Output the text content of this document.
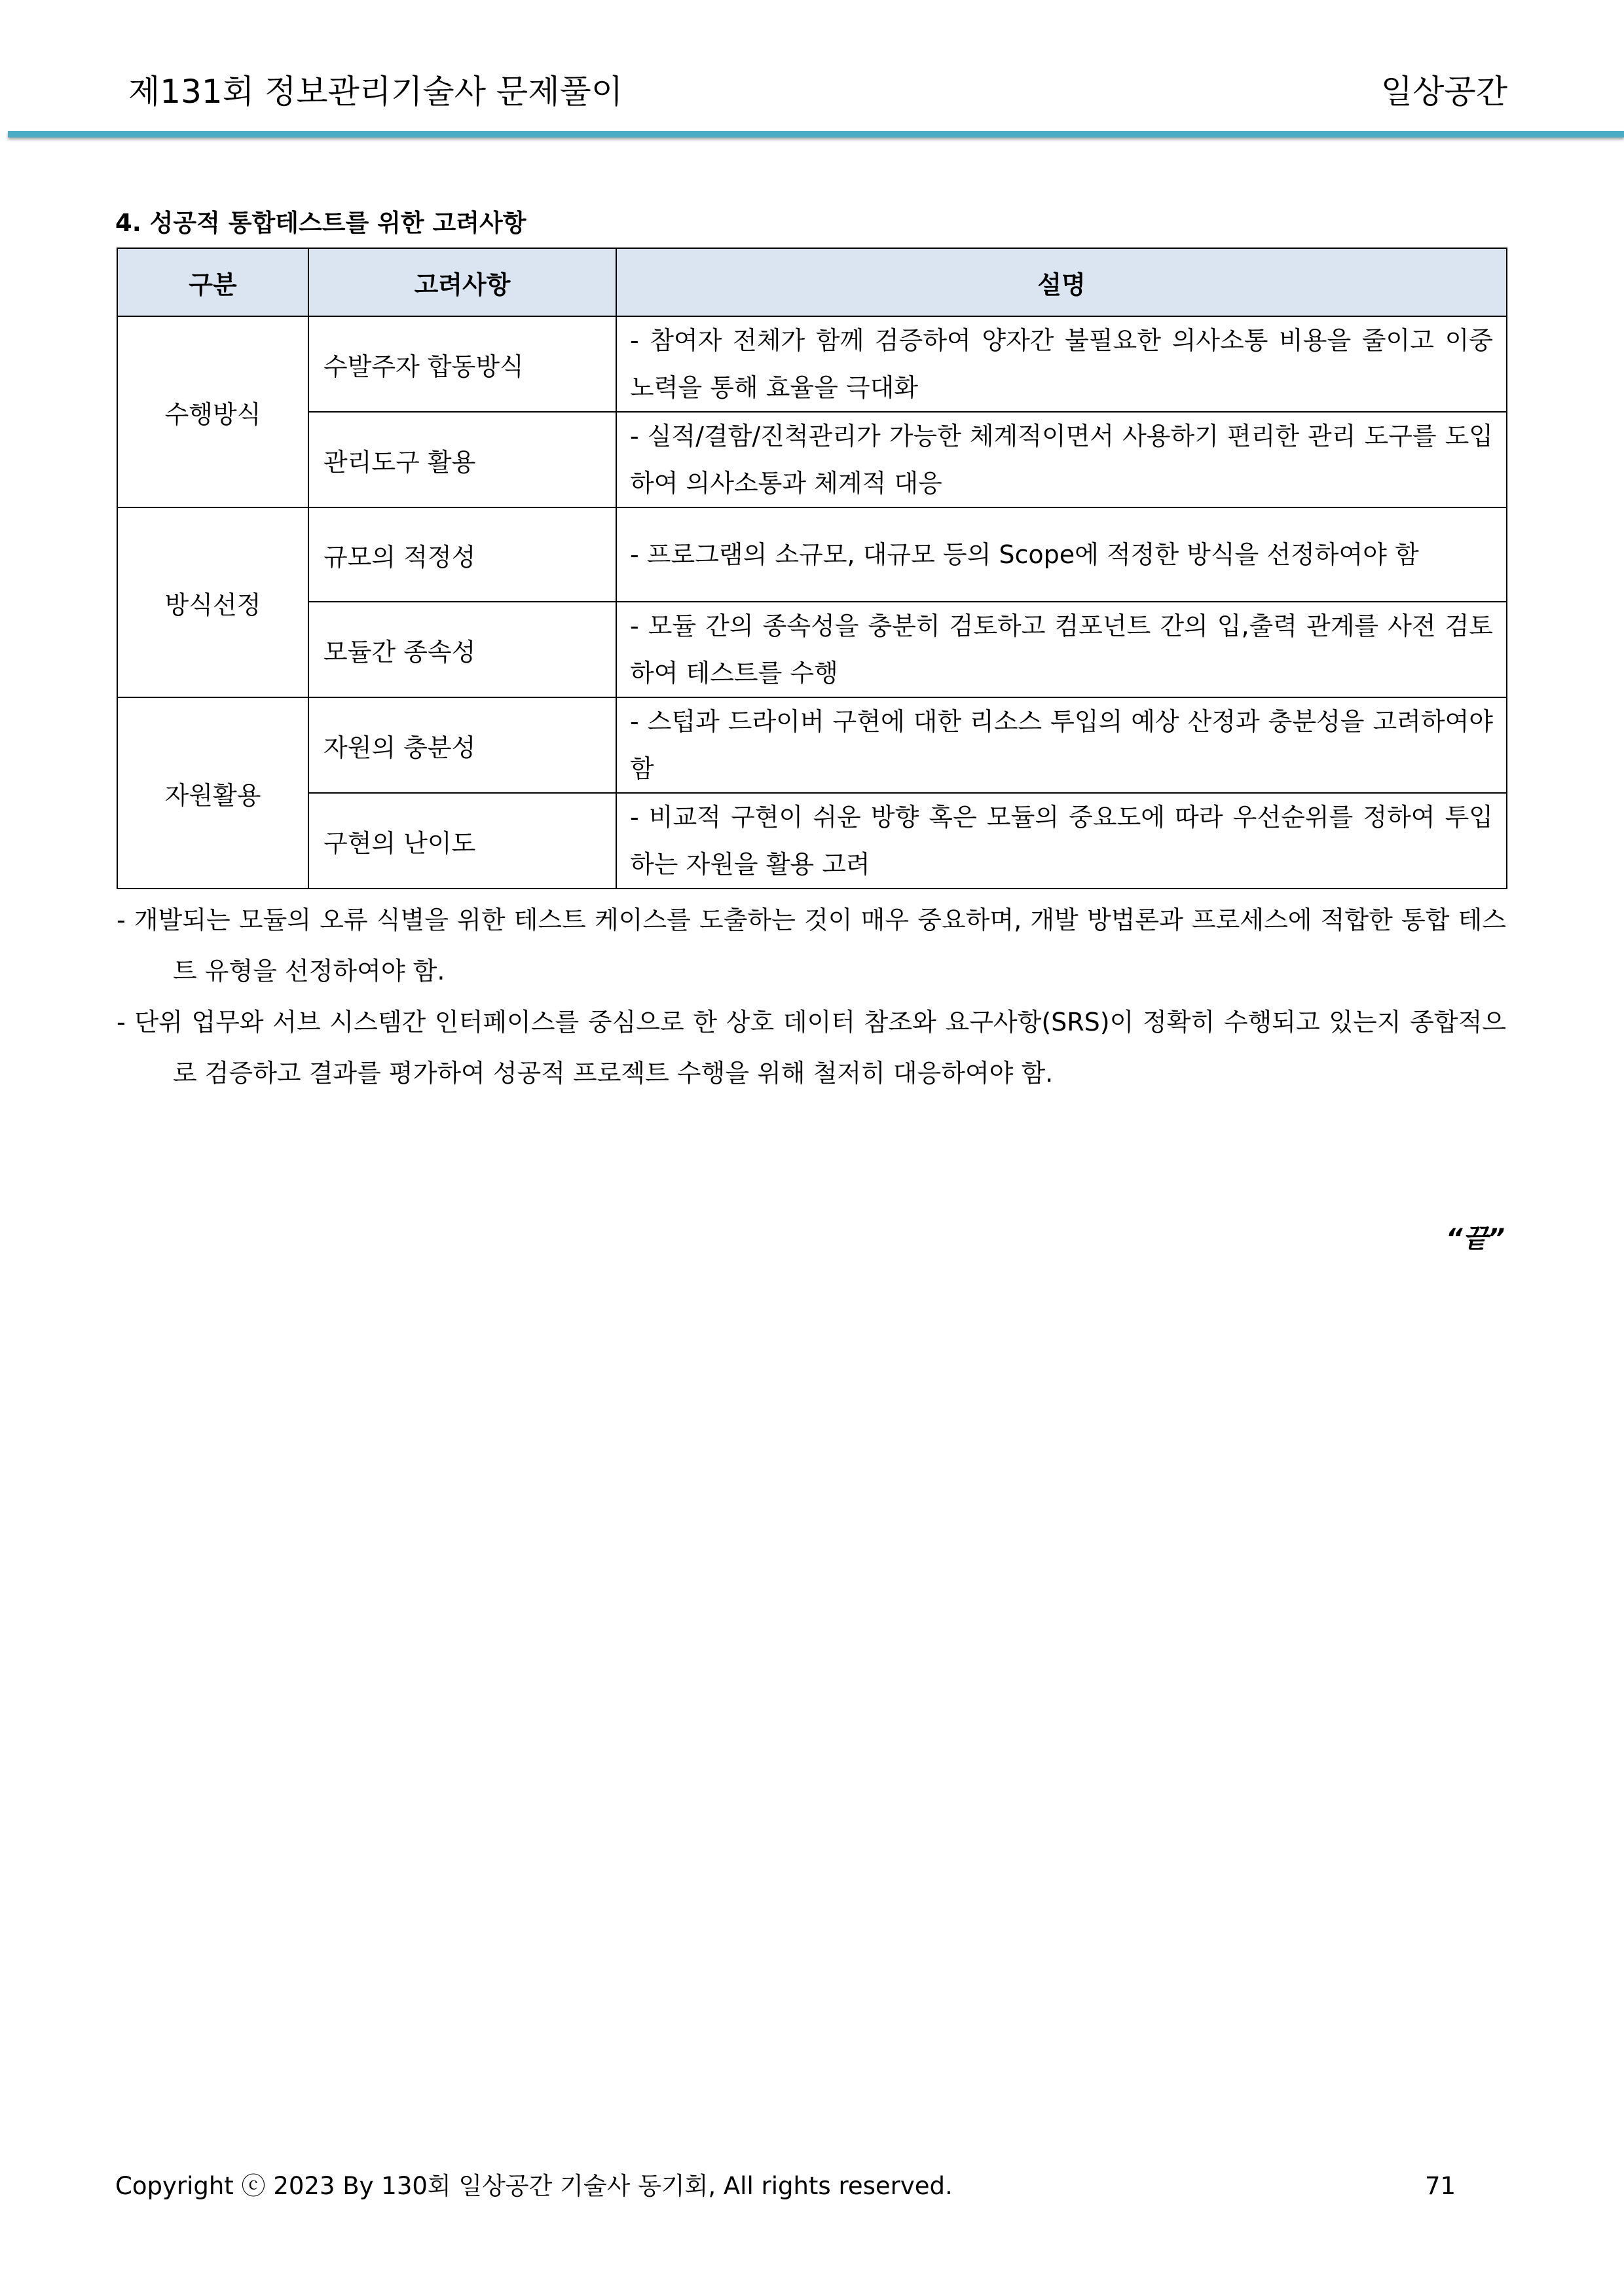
제131회 정보관리기술사 문제풀이	일상공간
4. 성공적 통합테스트를 위한 고려사항
구분	고려사항	설명
수행방식	수발주자 합동방식	- 참여자 전체가 함께 검증하여 양자간 불필요한 의사소통 비용을 줄이고 이중 노력을 통해 효율을 극대화
	관리도구 활용	- 실적/결함/진척관리가 가능한 체계적이면서 사용하기 편리한 관리 도구를 도입하여 의사소통과 체계적 대응
방식선정	규모의 적정성	- 프로그램의 소규모, 대규모 등의 Scope에 적정한 방식을 선정하여야 함
	모듈간 종속성	- 모듈 간의 종속성을 충분히 검토하고 컴포넌트 간의 입,출력 관계를 사전 검토하여 테스트를 수행
자원활용	자원의 충분성	- 스텁과 드라이버 구현에 대한 리소스 투입의 예상 산정과 충분성을 고려하여야 함
	구현의 난이도	- 비교적 구현이 쉬운 방향 혹은 모듈의 중요도에 따라 우선순위를 정하여 투입하는 자원을 활용 고려
- 개발되는 모듈의 오류 식별을 위한 테스트 케이스를 도출하는 것이 매우 중요하며, 개발 방법론과 프로세스에 적합한 통합 테스트 유형을 선정하여야 함.
- 단위 업무와 서브 시스템간 인터페이스를 중심으로 한 상호 데이터 참조와 요구사항(SRS)이 정확히 수행되고 있는지 종합적으로 검증하고 결과를 평가하여 성공적 프로젝트 수행을 위해 철저히 대응하여야 함.
“끝”
Copyright ⓒ 2023 By 130회 일상공간 기술사 동기회, All rights reserved.	71
